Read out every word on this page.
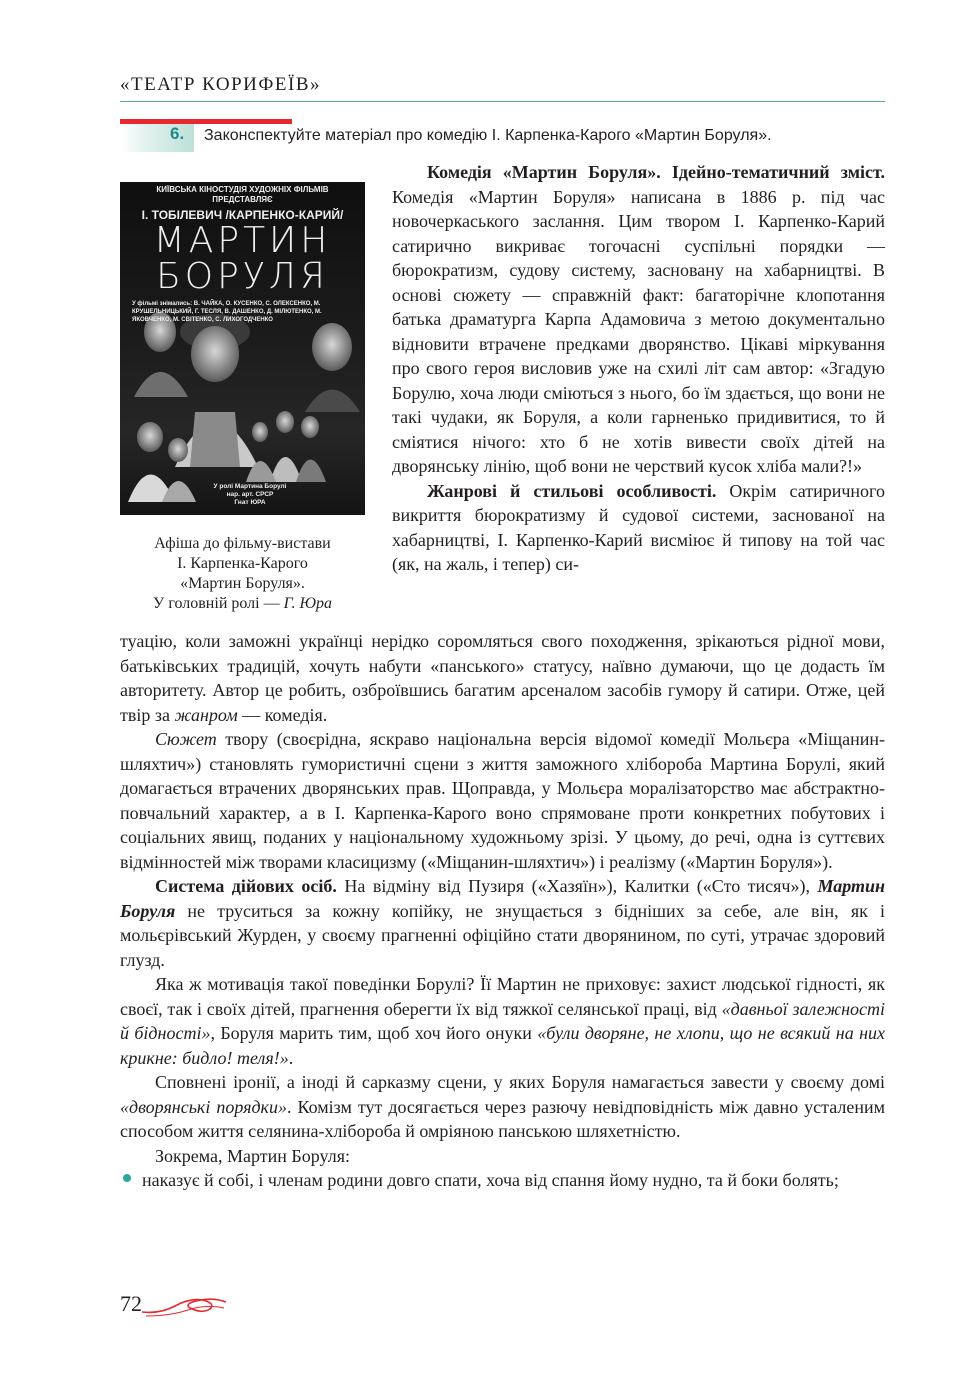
«ТЕАТР КОРИФЕЇВ»
6. Законспектуйте матеріал про комедію І. Карпенка-Карого «Мартин Боруля».
КИЇВСЬКА КІНОСТУДІЯ ХУДОЖНІХ ФІЛЬМІВ
ПРЕДСТАВЛЯЄ
І. ТОБІЛЕВИЧ /КАРПЕНКО-КАРИЙ/
МАРТИН
БОРУЛЯ
У фільмі знімались: В. ЧАЙКА, О. КУСЕНКО, С. ОЛЕКСЕНКО, М. КРУШЕЛЬНИЦЬКИЙ, Г. ТЕСЛЯ, В. ДАШЕНКО, Д. МІЛЮТЕНКО, М. ЯКОВЧЕНКО, М. СВІТЕНКО, С. ЛИХОГОДЧЕНКО
У ролі Мартина Борулі
нар. арт. СРСР
Гнат ЮРА
Афіша до фільму-вистави
І. Карпенка-Карого
«Мартин Боруля».
У головній ролі — Г. Юра

Комедія «Мартин Боруля». Ідейно-тематичний зміст. Комедія «Мартин Боруля» написана в 1886 р. під час новочеркаського заслання. Цим твором І. Карпенко-Карий сатирично викриває тогочасні суспільні порядки — бюрократизм, судову систему, засновану на хабарництві. В основі сюжету — справжній факт: багаторічне клопотання батька драматурга Карпа Адамовича з метою документально відновити втрачене предками дворянство. Цікаві міркування про свого героя висловив уже на схилі літ сам автор: «Згадую Борулю, хоча люди сміються з нього, бо їм здається, що вони не такі чудаки, як Боруля, а коли гарненько придивитися, то й сміятися нічого: хто б не хотів вивести своїх дітей на дворянську лінію, щоб вони не черствий кусок хліба мали?!»

Жанрові й стильові особливості. Окрім сатиричного викриття бюрократизму й судової системи, заснованої на хабарництві, І. Карпенко-Карий висміює й типову на той час (як, на жаль, і тепер) си-

туацію, коли заможні українці нерідко соромляться свого походження, зрікаються рідної мови, батьківських традицій, хочуть набути «панського» статусу, наївно думаючи, що це додасть їм авторитету. Автор це робить, озброївшись багатим арсеналом засобів гумору й сатири. Отже, цей твір за жанром — комедія.

Сюжет твору (своєрідна, яскраво національна версія відомої комедії Мольєра «Міщанин-шляхтич») становлять гумористичні сцени з життя заможного хлібороба Мартина Борулі, який домагається втрачених дворянських прав. Щоправда, у Мольєра моралізаторство має абстрактно-повчальний характер, а в І. Карпенка-Карого воно спрямоване проти конкретних побутових і соціальних явищ, поданих у національному художньому зрізі. У цьому, до речі, одна із суттєвих відмінностей між творами класицизму («Міщанин-шляхтич») і реалізму («Мартин Боруля»).

Система дійових осіб. На відміну від Пузиря («Хазяїн»), Калитки («Сто тисяч»), Мартин Боруля не труситься за кожну копійку, не знущається з бідніших за себе, але він, як і мольєрівський Журден, у своєму прагненні офіційно стати дворянином, по суті, утрачає здоровий глузд.

Яка ж мотивація такої поведінки Борулі? Її Мартин не приховує: захист людської гідності, як своєї, так і своїх дітей, прагнення оберегти їх від тяжкої селянської праці, від «давньої залежності й бідності», Боруля марить тим, щоб хоч його онуки «були дворяне, не хлопи, що не всякий на них крикне: бидло! теля!».

Сповнені іронії, а іноді й сарказму сцени, у яких Боруля намагається завести у своєму домі «дворянські порядки». Комізм тут досягається через разючу невідповідність між давно усталеним способом життя селянина-хлібороба й омріяною панською шляхетністю.

Зокрема, Мартин Боруля:

наказує й собі, і членам родини довго спати, хоча від спання йому нудно, та й боки болять;
72
